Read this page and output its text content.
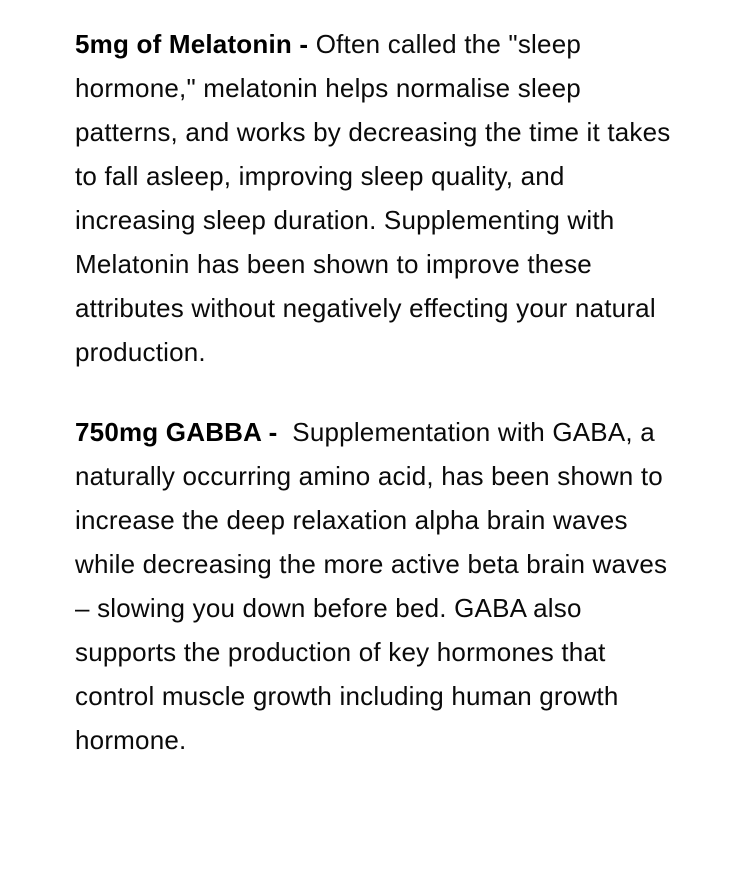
5mg of Melatonin - Often called the "sleep hormone," melatonin helps normalise sleep patterns, and works by decreasing the time it takes to fall asleep, improving sleep quality, and increasing sleep duration. Supplementing with Melatonin has been shown to improve these attributes without negatively effecting your natural production.

750mg GABBA -  Supplementation with GABA, a naturally occurring amino acid, has been shown to increase the deep relaxation alpha brain waves while decreasing the more active beta brain waves – slowing you down before bed. GABA also supports the production of key hormones that control muscle growth including human growth hormone.
